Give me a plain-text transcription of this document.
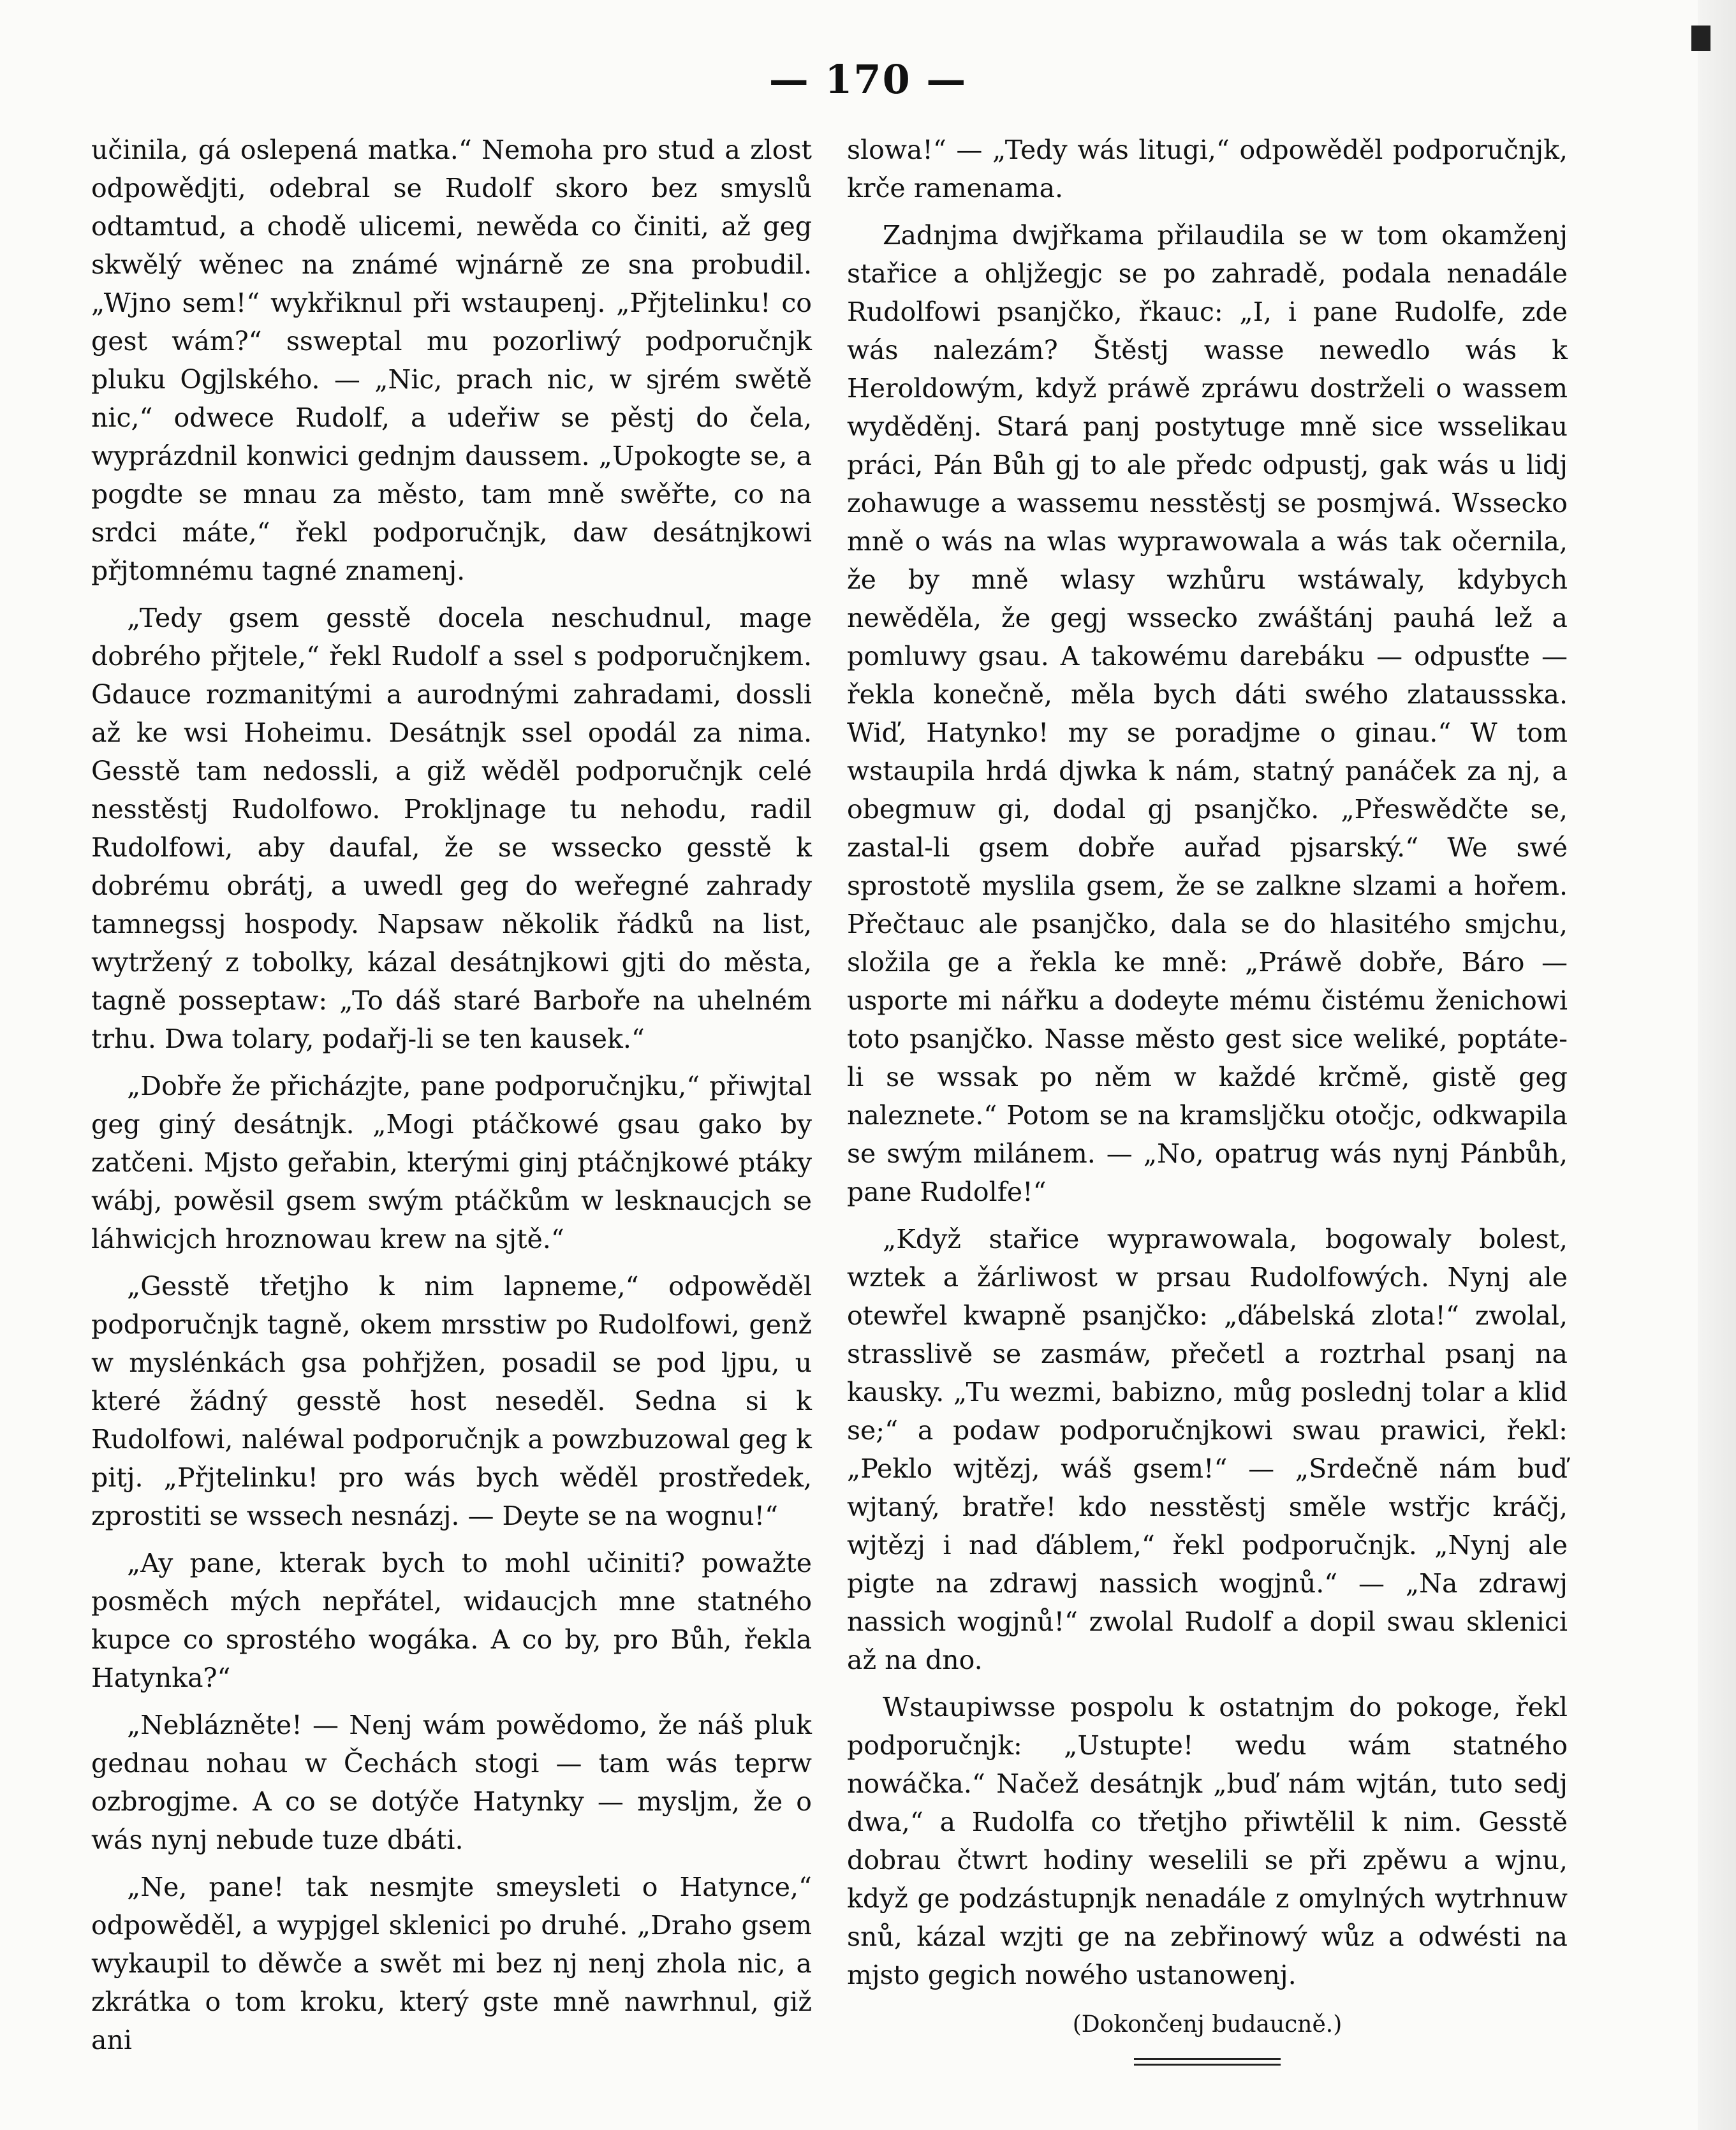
— 170 —

učinila, gá oslepená matka.“ Nemoha pro stud a zlost odpowědjti, odebral se Rudolf skoro bez smyslů odtamtud, a chodě ulicemi, newěda co činiti, až geg skwělý wěnec na známé wjnárně ze sna probudil. „Wjno sem!“ wykřiknul při wstaupenj. „Přjtelinku! co gest wám?“ ssweptal mu pozorliwý podporučnjk pluku Ogjlského. — „Nic, prach nic, w sjrém swětě nic,“ odwece Rudolf, a udeřiw se pěstj do čela, wyprázdnil konwici gednjm daussem. „Upokogte se, a pogdte se mnau za město, tam mně swěřte, co na srdci máte,“ řekl podporučnjk, daw desátnjkowi přjtomnému tagné znamenj.

„Tedy gsem gesstě docela neschudnul, mage dobrého přjtele,“ řekl Rudolf a ssel s podporučnjkem. Gdauce rozmanitými a aurodnými zahradami, dossli až ke wsi Hoheimu. Desátnjk ssel opodál za nima. Gesstě tam nedossli, a giž wěděl podporučnjk celé nesstěstj Rudolfowo. Prokljnage tu nehodu, radil Rudolfowi, aby daufal, že se wssecko gesstě k dobrému obrátj, a uwedl geg do weřegné zahrady tamnegssj hospody. Napsaw několik řádků na list, wytržený z tobolky, kázal desátnjkowi gjti do města, tagně posseptaw: „To dáš staré Barboře na uhelném trhu. Dwa tolary, podařj-li se ten kausek.“

„Dobře že přicházjte, pane podporučnjku,“ přiwjtal geg giný desátnjk. „Mogi ptáčkowé gsau gako by zatčeni. Mjsto geřabin, kterými ginj ptáčnjkowé ptáky wábj, powěsil gsem swým ptáčkům w lesknaucjch se láhwicjch hroznowau krew na sjtě.“

„Gesstě třetjho k nim lapneme,“ odpowěděl podporučnjk tagně, okem mrsstiw po Rudolfowi, genž w myslénkách gsa pohřjžen, posadil se pod ljpu, u které žádný gesstě host neseděl. Sedna si k Rudolfowi, naléwal podporučnjk a powzbuzowal geg k pitj. „Přjtelinku! pro wás bych wěděl prostředek, zprostiti se wssech nesnázj. — Deyte se na wognu!“

„Ay pane, kterak bych to mohl učiniti? powažte posměch mých nepřátel, widaucjch mne statného kupce co sprostého wogáka. A co by, pro Bůh, řekla Hatynka?“

„Neblázněte! — Nenj wám powědomo, že náš pluk gednau nohau w Čechách stogi — tam wás teprw ozbrogjme. A co se dotýče Hatynky — myslјm, že o wás nynj nebude tuze dbáti.

„Ne, pane! tak nesmjte smeysleti o Hatynce,“ odpowěděl, a wypjgel sklenici po druhé. „Draho gsem wykaupil to děwče a swět mi bez nj nenj zhola nic, a zkrátka o tom kroku, který gste mně nawrhnul, giž ani

slowa!“ — „Tedy wás litugi,“ odpowěděl podporučnjk, krče ramenama.

Zadnjma dwjřkama přilaudila se w tom okamženj stařice a ohljžegjc se po zahradě, podala nenadále Rudolfowi psanjčko, řkauc: „I, i pane Rudolfe, zde wás nalezám? Štěstj wasse newedlo wás k Heroldowým, když práwě zpráwu dostrželi o wassem wyděděnj. Stará panj postytuge mně sice wsselikau práci, Pán Bůh gj to ale předc odpustj, gak wás u lidj zohawuge a wassemu nesstěstj se posmjwá. Wssecko mně o wás na wlas wyprawowala a wás tak očernila, že by mně wlasy wzhůru wstáwaly, kdybych newěděla, že gegj wssecko zwáštánj pauhá lež a pomluwy gsau. A takowému darebáku — odpusťte — řekla konečně, měla bych dáti swého zlataussska. Wiď, Hatynko! my se poradjme o ginau.“ W tom wstaupila hrdá djwka k nám, statný panáček za nj, a obegmuw gi, dodal gj psanjčko. „Přeswědčte se, zastal-li gsem dobře auřad pjsarský.“ We swé sprostotě myslila gsem, že se zalkne slzami a hořem. Přečtauc ale psanjčko, dala se do hlasitého smjchu, složila ge a řekla ke mně: „Práwě dobře, Báro — usporte mi nářku a dodeyte mému čistému ženichowi toto psanjčko. Nasse město gest sice weliké, poptáte-li se wssak po něm w každé krčmě, gistě geg naleznete.“ Potom se na kramsljčku otočjc, odkwapila se swým milánem. — „No, opatrug wás nynj Pánbůh, pane Rudolfe!“

„Když stařice wyprawowala, bogowaly bolest, wztek a žárliwost w prsau Rudolfowých. Nynj ale otewřel kwapně psanjčko: „ďábelská zlota!“ zwolal, strasslivě se zasmáw, přečetl a roztrhal psanj na kausky. „Tu wezmi, babizno, můg poslednj tolar a klid se;“ a podaw podporučnjkowi swau prawici, řekl: „Peklo wjtězj, wáš gsem!“ — „Srdečně nám buď wjtaný, bratře! kdo nesstěstj směle wstřjc kráčj, wjtězj i nad ďáblem,“ řekl podporučnjk. „Nynj ale pigte na zdrawj nassich wogjnů.“ — „Na zdrawj nassich wogjnů!“ zwolal Rudolf a dopil swau sklenici až na dno.

Wstaupiwsse pospolu k ostatnjm do pokoge, řekl podporučnjk: „Ustupte! wedu wám statného nowáčka.“ Načež desátnjk „buď nám wjtán, tuto sedj dwa,“ a Rudolfa co třetjho přiwtělil k nim. Gesstě dobrau čtwrt hodiny weselili se při zpěwu a wjnu, když ge podzástupnjk nenadále z omylných wytrhnuw snů, kázal wzjti ge na zebřinowý wůz a odwésti na mjsto gegich nowého ustanowenj.

(Dokončenj budaucně.)
